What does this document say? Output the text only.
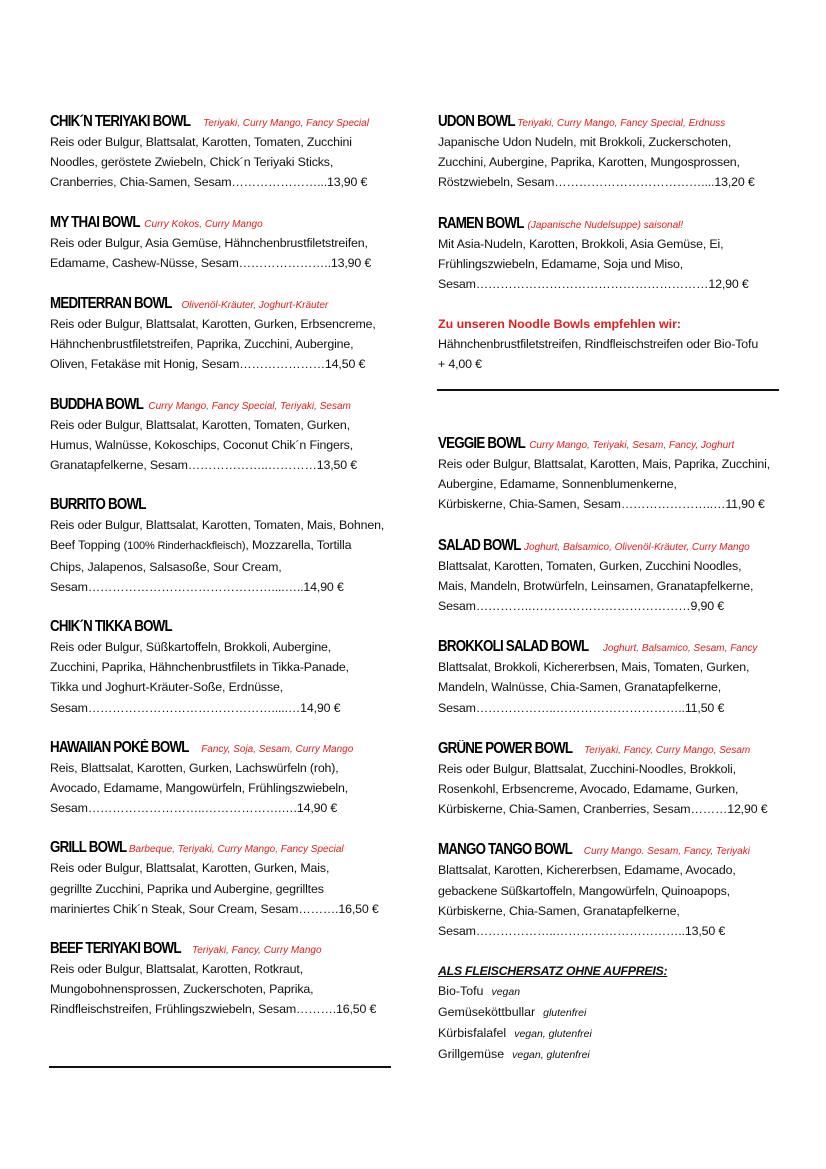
CHIK´N TERIYAKI BOWL Teriyaki, Curry Mango, Fancy Special
Reis oder Bulgur, Blattsalat, Karotten, Tomaten, Zucchini
Noodles, geröstete Zwiebeln, Chick´n Teriyaki Sticks,
Cranberries, Chia-Samen, Sesam…………………...13,90 €
MY THAI BOWL Curry Kokos, Curry Mango
Reis oder Bulgur, Asia Gemüse, Hähnchenbrustfiletstreifen,
Edamame, Cashew-Nüsse, Sesam…………………..13,90 €
MEDITERRAN BOWL Olivenöl-Kräuter, Joghurt-Kräuter
Reis oder Bulgur, Blattsalat, Karotten, Gurken, Erbsencreme,
Hähnchenbrustfiletstreifen, Paprika, Zucchini, Aubergine,
Oliven, Fetakäse mit Honig, Sesam…………………14,50 €
BUDDHA BOWL Curry Mango, Fancy Special, Teriyaki, Sesam
Reis oder Bulgur, Blattsalat, Karotten, Tomaten, Gurken,
Humus, Walnüsse, Kokoschips, Coconut Chik´n Fingers,
Granatapfelkerne, Sesam………………..…………13,50 €
BURRITO BOWL
Reis oder Bulgur, Blattsalat, Karotten, Tomaten, Mais, Bohnen,
Beef Topping (100% Rinderhackfleisch), Mozzarella, Tortilla
Chips, Jalapenos, Salsasoße, Sour Cream,
Sesam………………………………………....…..14,90 €
CHIK´N TIKKA BOWL
Reis oder Bulgur, Süßkartoffeln, Brokkoli, Aubergine,
Zucchini, Paprika, Hähnchenbrustfilets in Tikka-Panade,
Tikka und Joghurt-Kräuter-Soße, Erdnüsse,
Sesam……………………………………….....…14,90 €
HAWAIIAN POKÈ BOWL Fancy, Soja, Sesam, Curry Mango
Reis, Blattsalat, Karotten, Gurken, Lachswürfeln (roh),
Avocado, Edamame, Mangowürfeln, Frühlingszwiebeln,
Sesam………………………..……………….….14,90 €
GRILL BOWL Barbeque, Teriyaki, Curry Mango, Fancy Special
Reis oder Bulgur, Blattsalat, Karotten, Gurken, Mais,
gegrillte Zucchini, Paprika und Aubergine, gegrilltes
mariniertes Chik´n Steak, Sour Cream, Sesam……….16,50 €
BEEF TERIYAKI BOWL Teriyaki, Fancy, Curry Mango
Reis oder Bulgur, Blattsalat, Karotten, Rotkraut,
Mungobohnensprossen, Zuckerschoten, Paprika,
Rindfleischstreifen, Frühlingszwiebeln, Sesam……….16,50 €
UDON BOWL Teriyaki, Curry Mango, Fancy Special, Erdnuss
Japanische Udon Nudeln, mit Brokkoli, Zuckerschoten,
Zucchini, Aubergine, Paprika, Karotten, Mungosprossen,
Röstzwiebeln, Sesam………………………………....13,20 €
RAMEN BOWL (Japanische Nudelsuppe) saisonal!
Mit Asia-Nudeln, Karotten, Brokkoli, Asia Gemüse, Ei,
Frühlingszwiebeln, Edamame, Soja und Miso,
Sesam…………………………………………………12,90 €
Zu unseren Noodle Bowls empfehlen wir:
Hähnchenbrustfiletstreifen, Rindfleischstreifen oder Bio-Tofu
+ 4,00 €
VEGGIE BOWL Curry Mango, Teriyaki, Sesam, Fancy, Joghurt
Reis oder Bulgur, Blattsalat, Karotten, Mais, Paprika, Zucchini,
Aubergine, Edamame, Sonnenblumenkerne,
Kürbiskerne, Chia-Samen, Sesam…………………..…11,90 €
SALAD BOWL Joghurt, Balsamico, Olivenöl-Kräuter, Curry Mango
Blattsalat, Karotten, Tomaten, Gurken, Zucchini Noodles,
Mais, Mandeln, Brotwürfeln, Leinsamen, Granatapfelkerne,
Sesam…………..…………………………………9,90 €
BROKKOLI SALAD BOWL Joghurt, Balsamico, Sesam, Fancy
Blattsalat, Brokkoli, Kichererbsen, Mais, Tomaten, Gurken,
Mandeln, Walnüsse, Chia-Samen, Granatapfelkerne,
Sesam………………..…………………………..11,50 €
GRÜNE POWER BOWL Teriyaki, Fancy, Curry Mango, Sesam
Reis oder Bulgur, Blattsalat, Zucchini-Noodles, Brokkoli,
Rosenkohl, Erbsencreme, Avocado, Edamame, Gurken,
Kürbiskerne, Chia-Samen, Cranberries, Sesam………12,90 €
MANGO TANGO BOWL Curry Mango. Sesam, Fancy, Teriyaki
Blattsalat, Karotten, Kichererbsen, Edamame, Avocado,
gebackene Süßkartoffeln, Mangowürfeln, Quinoapops,
Kürbiskerne, Chia-Samen, Granatapfelkerne,
Sesam………………..…………………………..13,50 €
ALS FLEISCHERSATZ OHNE AUFPREIS:
Bio-Tofu vegan
Gemüseköttbullar glutenfrei
Kürbisfalafel vegan, glutenfrei
Grillgemüse vegan, glutenfrei
